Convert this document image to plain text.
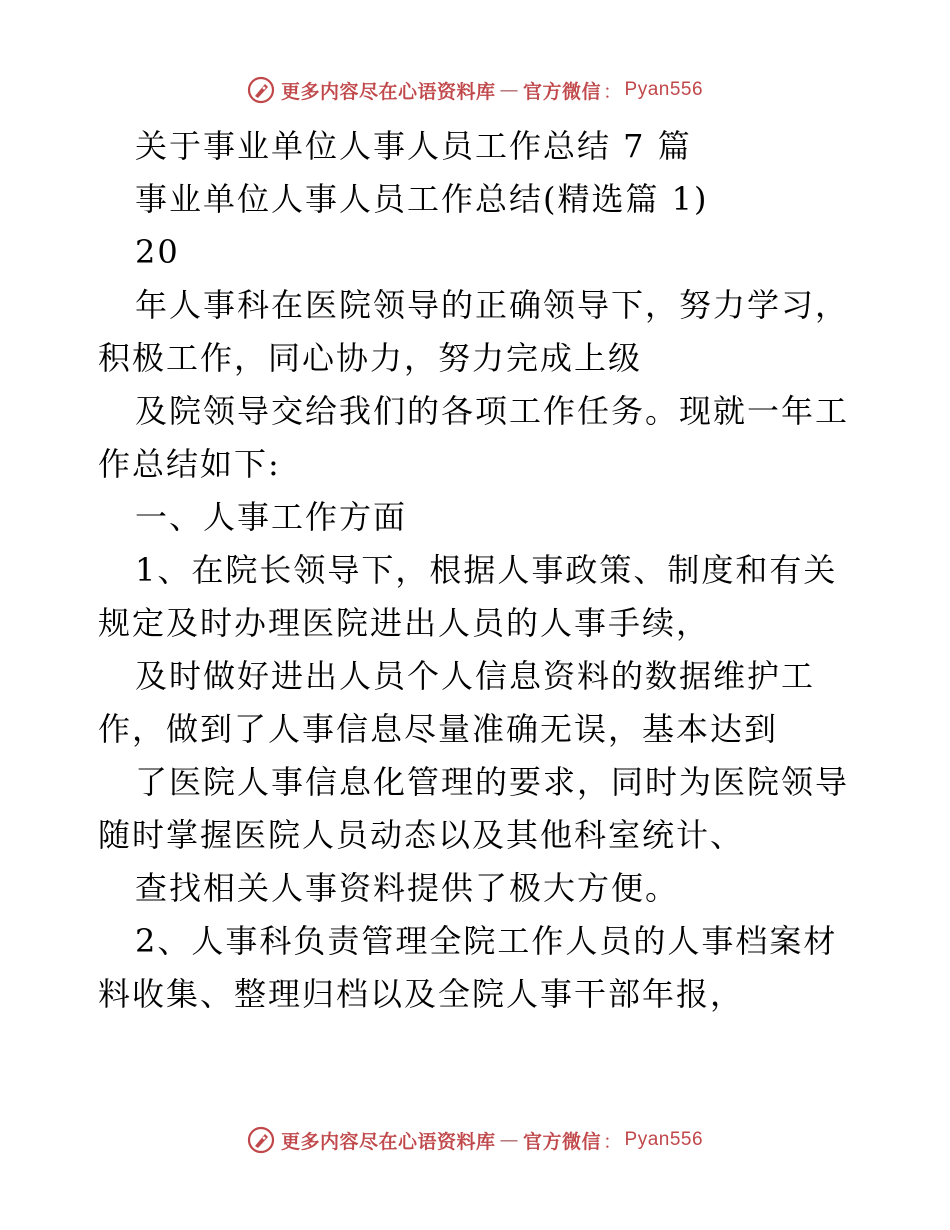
更多内容尽在心语资料库 — 官方微信 ： Pyan556
关于事业单位人事人员工作总结 7 篇
事业单位人事人员工作总结(精选篇 1)
20
年人事科在医院领导的正确领导下，努力学习，
积极工作，同心协力，努力完成上级
及院领导交给我们的各项工作任务。现就一年工
作总结如下:
一、人事工作方面
1、在院长领导下，根据人事政策、制度和有关
规定及时办理医院进出人员的人事手续，
及时做好进出人员个人信息资料的数据维护工
作，做到了人事信息尽量准确无误，基本达到
了医院人事信息化管理的要求，同时为医院领导
随时掌握医院人员动态以及其他科室统计、
查找相关人事资料提供了极大方便。
2、人事科负责管理全院工作人员的人事档案材
料收集、整理归档以及全院人事干部年报，
更多内容尽在心语资料库 — 官方微信 ： Pyan556
